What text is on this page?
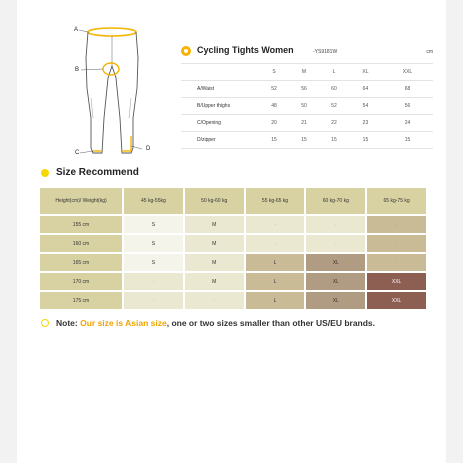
A
B
C
D
Cycling Tights Women	-YS9181W	cm
	S	M	L	XL	XXL
A/Waist	52	56	60	64	68
B/Upper thighs	48	50	52	54	56
C/Opening	20	21	22	23	24
D/zipper	15	15	15	15	15
Size Recommend
Height(cm)/ Weight(kg)	45 kg-55kg	50 kg-60 kg	55 kg-65 kg	60 kg-70 kg	65 kg-75 kg
155 cm	S	M	-	-	-
160 cm	S	M	-	-	-
165 cm	S	M	L	XL	-
170 cm	-	M	L	XL	XXL
175 cm	-	-	L	XL	XXL
Note: Our size is Asian size, one or two sizes smaller than other US/EU brands.
